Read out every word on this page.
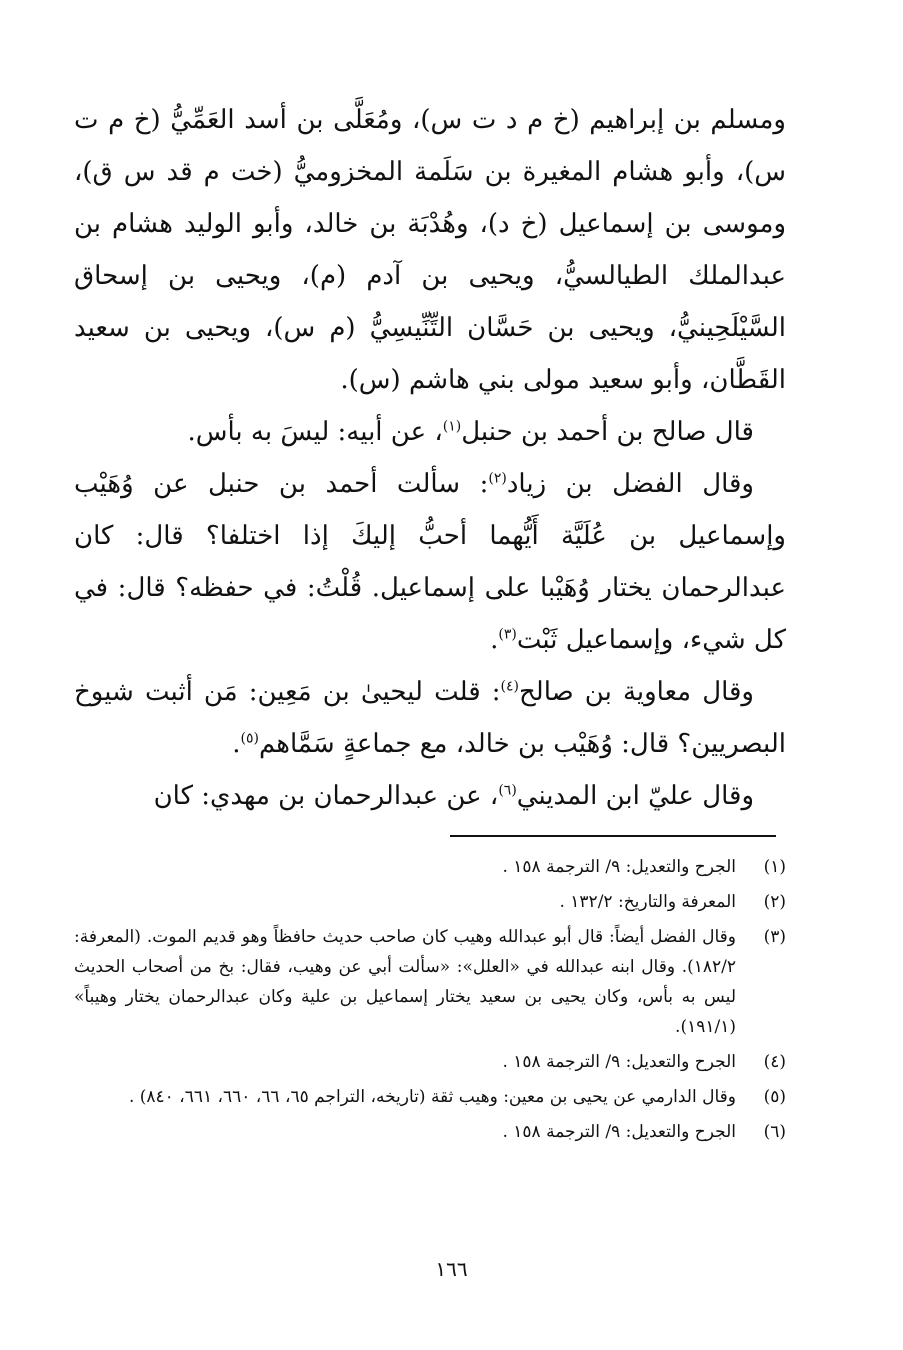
ومسلم بن إبراهيم (خ م د ت س)، ومُعَلَّى بن أسد العَمِّيُّ (خ م ت س)، وأبو هشام المغيرة بن سَلَمة المخزوميُّ (خت م قد س ق)، وموسى بن إسماعيل (خ د)، وهُدْبَة بن خالد، وأبو الوليد هشام بن عبدالملك الطيالسيُّ، ويحيى بن آدم (م)، ويحيى بن إسحاق السَّيْلَحِينيُّ، ويحيى بن حَسَّان التِّنِّيسِيُّ (م س)، ويحيى بن سعيد القَطَّان، وأبو سعيد مولى بني هاشم (س).

قال صالح بن أحمد بن حنبل$^{(١)}$، عن أبيه: ليسَ به بأس.

وقال الفضل بن زياد$^{(٢)}$: سألت أحمد بن حنبل عن وُهَيْب وإسماعيل بن عُلَيَّة أَيُّهما أحبُّ إليكَ إذا اختلفا؟ قال: كان عبدالرحمان يختار وُهَيْبا على إسماعيل. قُلْتُ: في حفظه؟ قال: في كل شيء، وإسماعيل ثَبْت$^{(٣)}$.

وقال معاوية بن صالح$^{(٤)}$: قلت ليحيىٰ بن مَعِين: مَن أثبت شيوخ البصريين؟ قال: وُهَيْب بن خالد، مع جماعةٍ سَمَّاهم$^{(٥)}$.

وقال عليّ ابن المديني$^{(٦)}$، عن عبدالرحمان بن مهدي: كان

(١)
الجرح والتعديل: ٩/ الترجمة ١٥٨ .
(٢)
المعرفة والتاريخ: ١٣٢/٢ .
(٣)
وقال الفضل أيضاً: قال أبو عبدالله وهيب كان صاحب حديث حافظاً وهو قديم الموت. (المعرفة: ١٨٢/٢). وقال ابنه عبدالله في «العلل»: «سألت أبي عن وهيب، فقال: بخ من أصحاب الحديث ليس به بأس، وكان يحيى بن سعيد يختار إسماعيل بن علية وكان عبدالرحمان يختار وهيباً» (١٩١/١).
(٤)
الجرح والتعديل: ٩/ الترجمة ١٥٨ .
(٥)
وقال الدارمي عن يحيى بن معين: وهيب ثقة (تاريخه، التراجم ٦٥، ٦٦، ٦٦٠، ٦٦١، ٨٤٠) .
(٦)
الجرح والتعديل: ٩/ الترجمة ١٥٨ .
١٦٦
